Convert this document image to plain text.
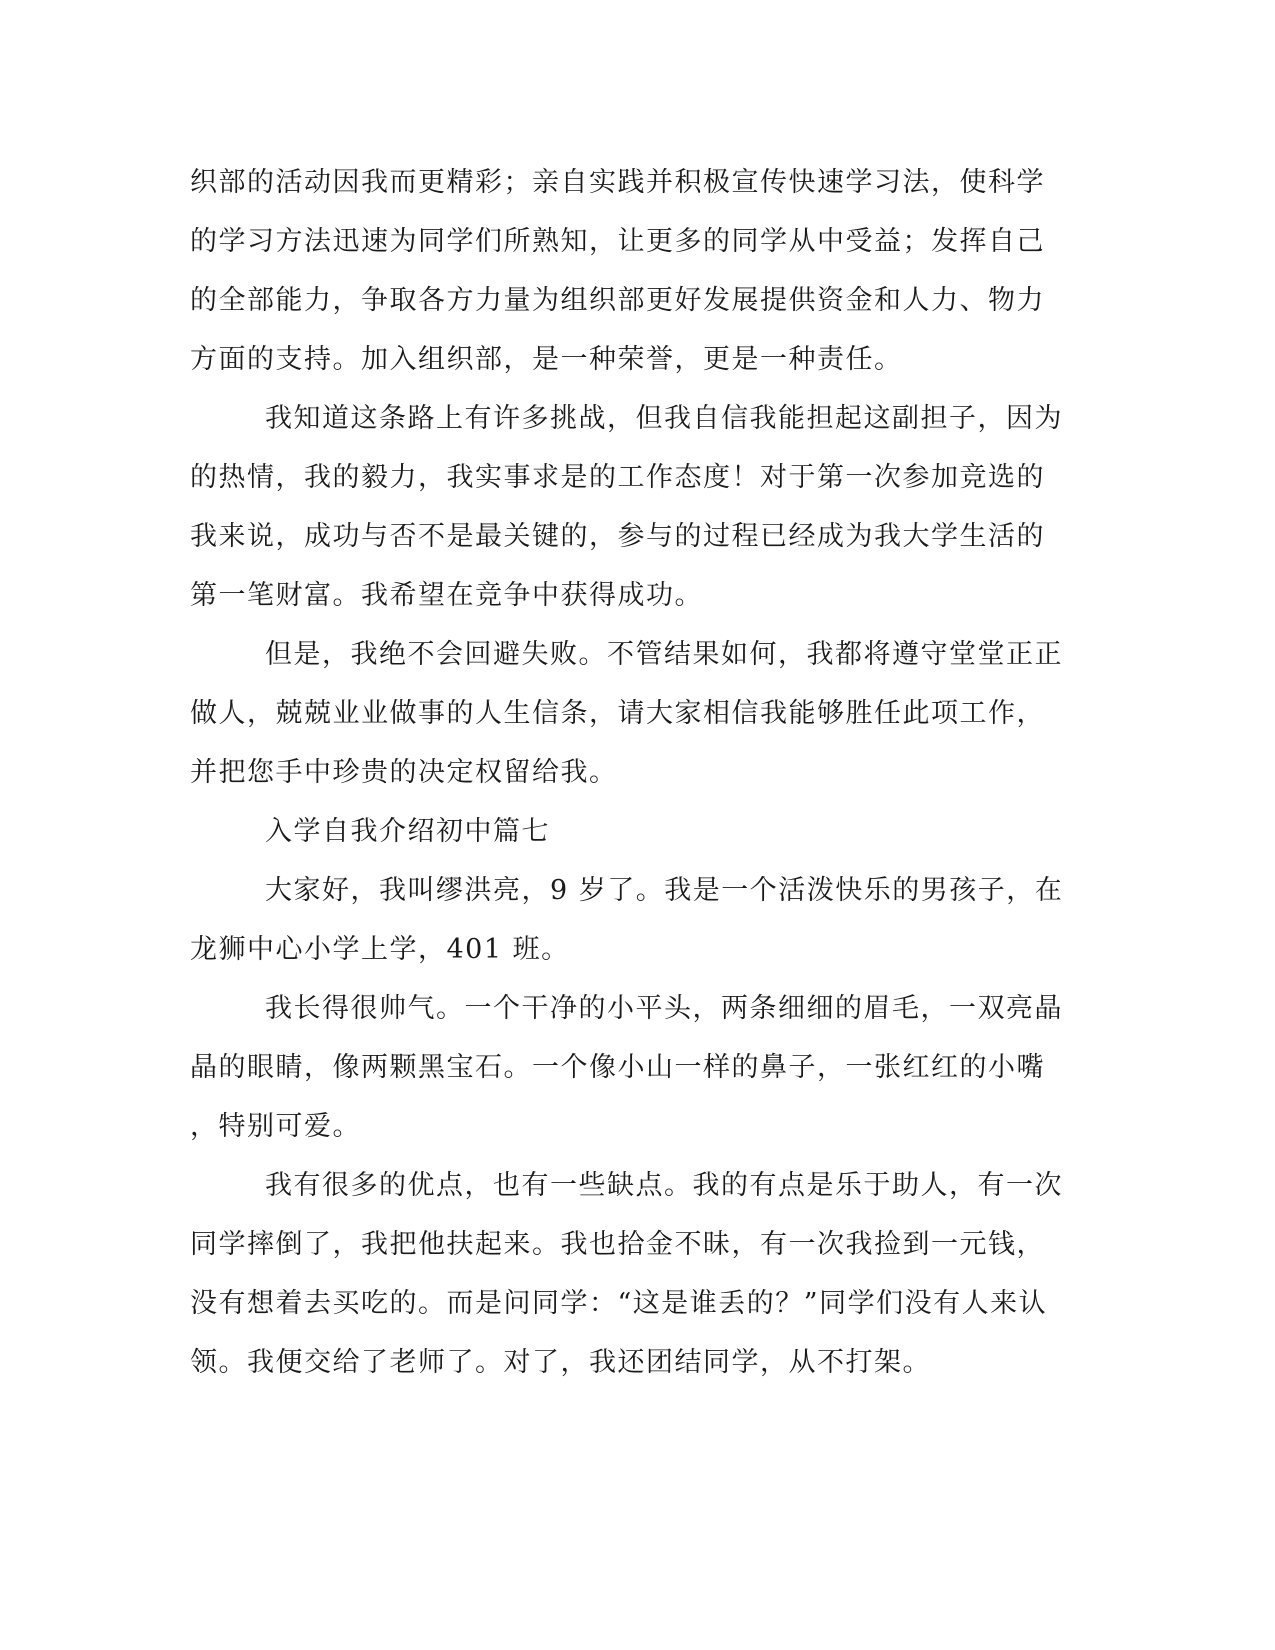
织部的活动因我而更精彩；亲自实践并积极宣传快速学习法，使科学
的学习方法迅速为同学们所熟知，让更多的同学从中受益；发挥自己
的全部能力，争取各方力量为组织部更好发展提供资金和人力、物力
方面的支持。加入组织部，是一种荣誉，更是一种责任。
我知道这条路上有许多挑战，但我自信我能担起这副担子，因为
的热情，我的毅力，我实事求是的工作态度！对于第一次参加竞选的
我来说，成功与否不是最关键的，参与的过程已经成为我大学生活的
第一笔财富。我希望在竞争中获得成功。
但是，我绝不会回避失败。不管结果如何，我都将遵守堂堂正正
做人，兢兢业业做事的人生信条，请大家相信我能够胜任此项工作，
并把您手中珍贵的决定权留给我。
入学自我介绍初中篇七
大家好，我叫缪洪亮，9 岁了。我是一个活泼快乐的男孩子，在
龙狮中心小学上学，401 班。
我长得很帅气。一个干净的小平头，两条细细的眉毛，一双亮晶
晶的眼睛，像两颗黑宝石。一个像小山一样的鼻子，一张红红的小嘴
，特别可爱。
我有很多的优点，也有一些缺点。我的有点是乐于助人，有一次
同学摔倒了，我把他扶起来。我也拾金不昧，有一次我捡到一元钱，
没有想着去买吃的。而是问同学：“这是谁丢的？”同学们没有人来认
领。我便交给了老师了。对了，我还团结同学，从不打架。
